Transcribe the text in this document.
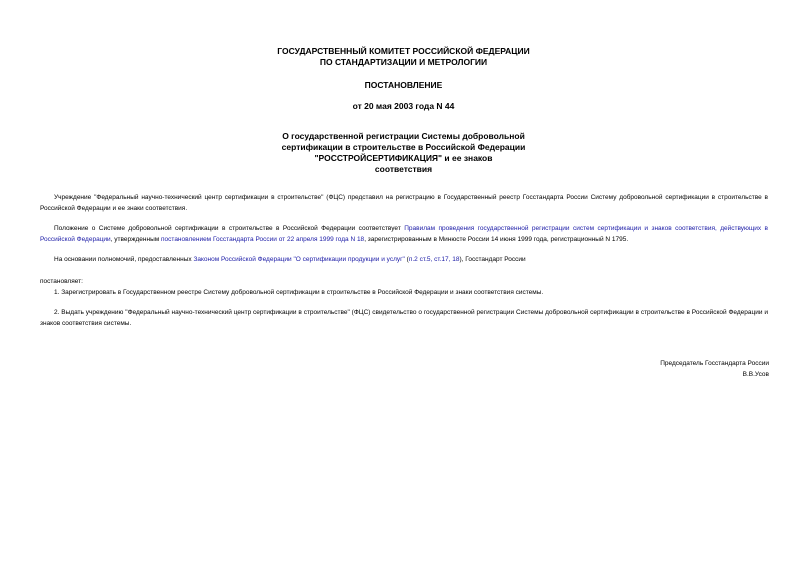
ГОСУДАРСТВЕННЫЙ КОМИТЕТ РОССИЙСКОЙ ФЕДЕРАЦИИ
ПО СТАНДАРТИЗАЦИИ И МЕТРОЛОГИИ
ПОСТАНОВЛЕНИЕ
от 20 мая 2003 года N 44
О государственной регистрации Системы добровольной
сертификации в строительстве в Российской Федерации
"РОССТРОЙСЕРТИФИКАЦИЯ" и ее знаков
соответствия
Учреждение "Федеральный научно-технический центр сертификации в строительстве" (ФЦС) представил на регистрацию в Государственный реестр Госстандарта России Систему добровольной сертификации в строительстве в Российской Федерации и ее знаки соответствия.
Положение о Системе добровольной сертификации в строительстве в Российской Федерации соответствует Правилам проведения государственной регистрации систем сертификации и знаков соответствия, действующих в Российской Федерации, утвержденным постановлением Госстандарта России от 22 апреля 1999 года N 18, зарегистрированным в Минюсте России 14 июня 1999 года, регистрационный N 1795.
На основании полномочий, предоставленных Законом Российской Федерации "О сертификации продукции и услуг" (п.2 ст.5, ст.17, 18), Госстандарт России
постановляет:
1. Зарегистрировать в Государственном реестре Систему добровольной сертификации в строительстве в Российской Федерации и знаки соответствия системы.
2. Выдать учреждению "Федеральный научно-технический центр сертификации в строительстве" (ФЦС) свидетельство о государственной регистрации Системы добровольной сертификации в строительстве в Российской Федерации и знаков соответствия системы.
Председатель Госстандарта России
В.В.Усов
